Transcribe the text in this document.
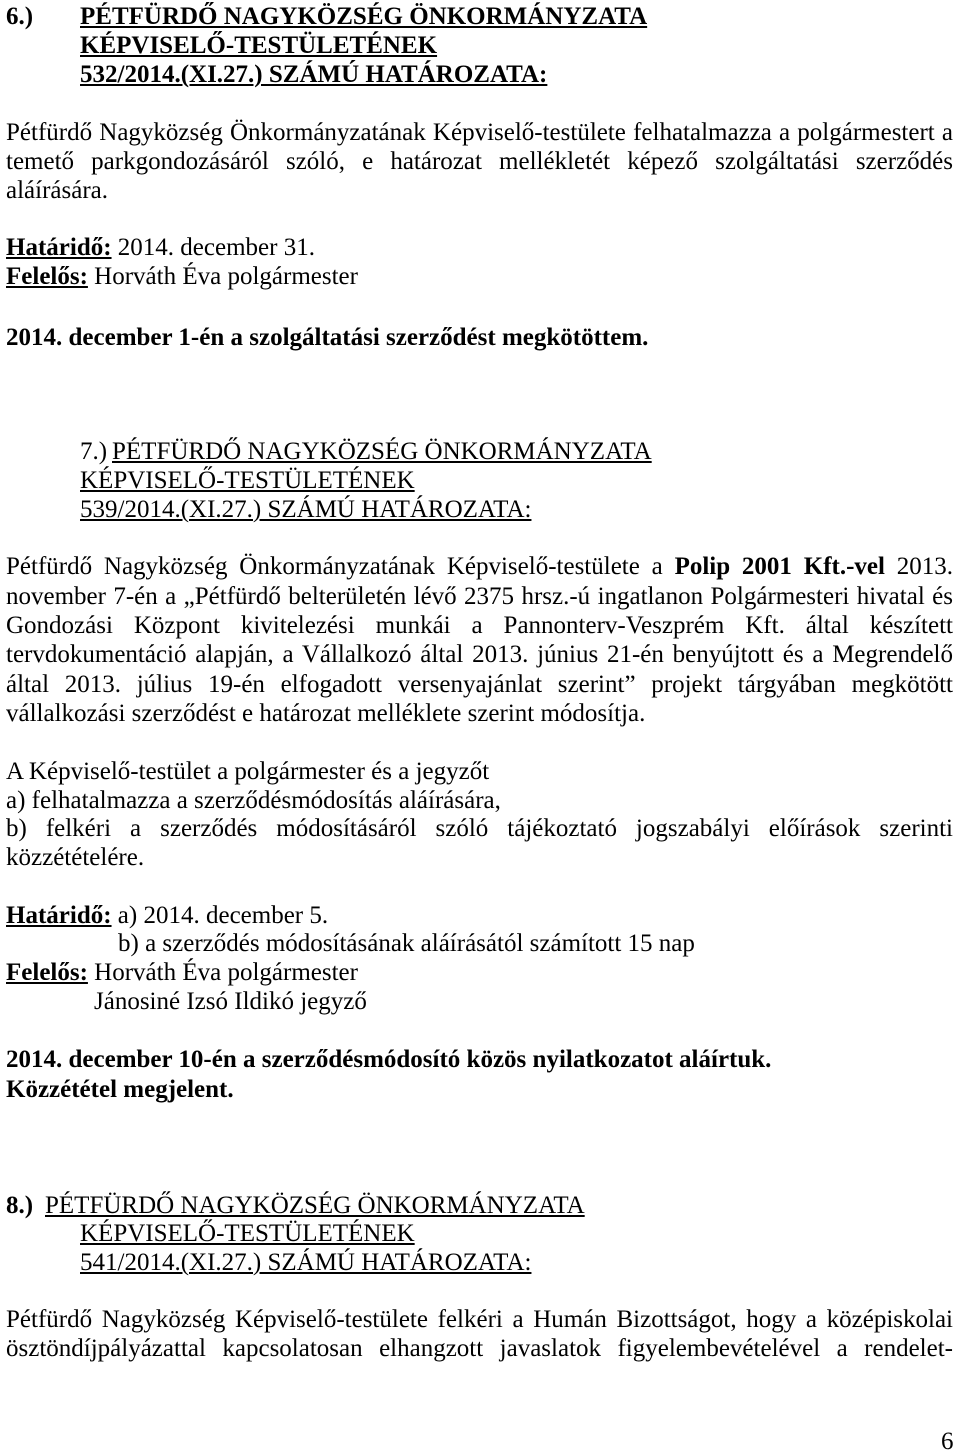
6.) PÉTFÜRDŐ NAGYKÖZSÉG ÖNKORMÁNYZATA
KÉPVISELŐ-TESTÜLETÉNEK
532/2014.(XI.27.) SZÁMÚ HATÁROZATA:
Pétfürdő Nagyközség Önkormányzatának Képviselő-testülete felhatalmazza a polgármestert a
temető parkgondozásáról szóló, e határozat mellékletét képező szolgáltatási szerződés
aláírására.
Határidő: 2014. december 31.
Felelős: Horváth Éva polgármester
2014. december 1-én a szolgáltatási szerződést megkötöttem.
7.) PÉTFÜRDŐ NAGYKÖZSÉG ÖNKORMÁNYZATA
KÉPVISELŐ-TESTÜLETÉNEK
539/2014.(XI.27.) SZÁMÚ HATÁROZATA:
Pétfürdő Nagyközség Önkormányzatának Képviselő-testülete a Polip 2001 Kft.-vel 2013.
november 7-én a „Pétfürdő belterületén lévő 2375 hrsz.-ú ingatlanon Polgármesteri hivatal és
Gondozási Központ kivitelezési munkái a Pannonterv-Veszprém Kft. által készített
tervdokumentáció alapján, a Vállalkozó által 2013. június 21-én benyújtott és a Megrendelő
által 2013. július 19-én elfogadott versenyajánlat szerint” projekt tárgyában megkötött
vállalkozási szerződést e határozat melléklete szerint módosítja.
A Képviselő-testület a polgármester és a jegyzőt
a) felhatalmazza a szerződésmódosítás aláírására,
b) felkéri a szerződés módosításáról szóló tájékoztató jogszabályi előírások szerinti
közzétételére.
Határidő: a) 2014. december 5.
b) a szerződés módosításának aláírásától számított 15 nap
Felelős: Horváth Éva polgármester
Jánosiné Izsó Ildikó jegyző
2014. december 10-én a szerződésmódosító közös nyilatkozatot aláírtuk.
Közzététel megjelent.
8.) PÉTFÜRDŐ NAGYKÖZSÉG ÖNKORMÁNYZATA
KÉPVISELŐ-TESTÜLETÉNEK
541/2014.(XI.27.) SZÁMÚ HATÁROZATA:
Pétfürdő Nagyközség Képviselő-testülete felkéri a Humán Bizottságot, hogy a középiskolai
ösztöndíjpályázattal kapcsolatosan elhangzott javaslatok figyelembevételével a rendelet-
6
